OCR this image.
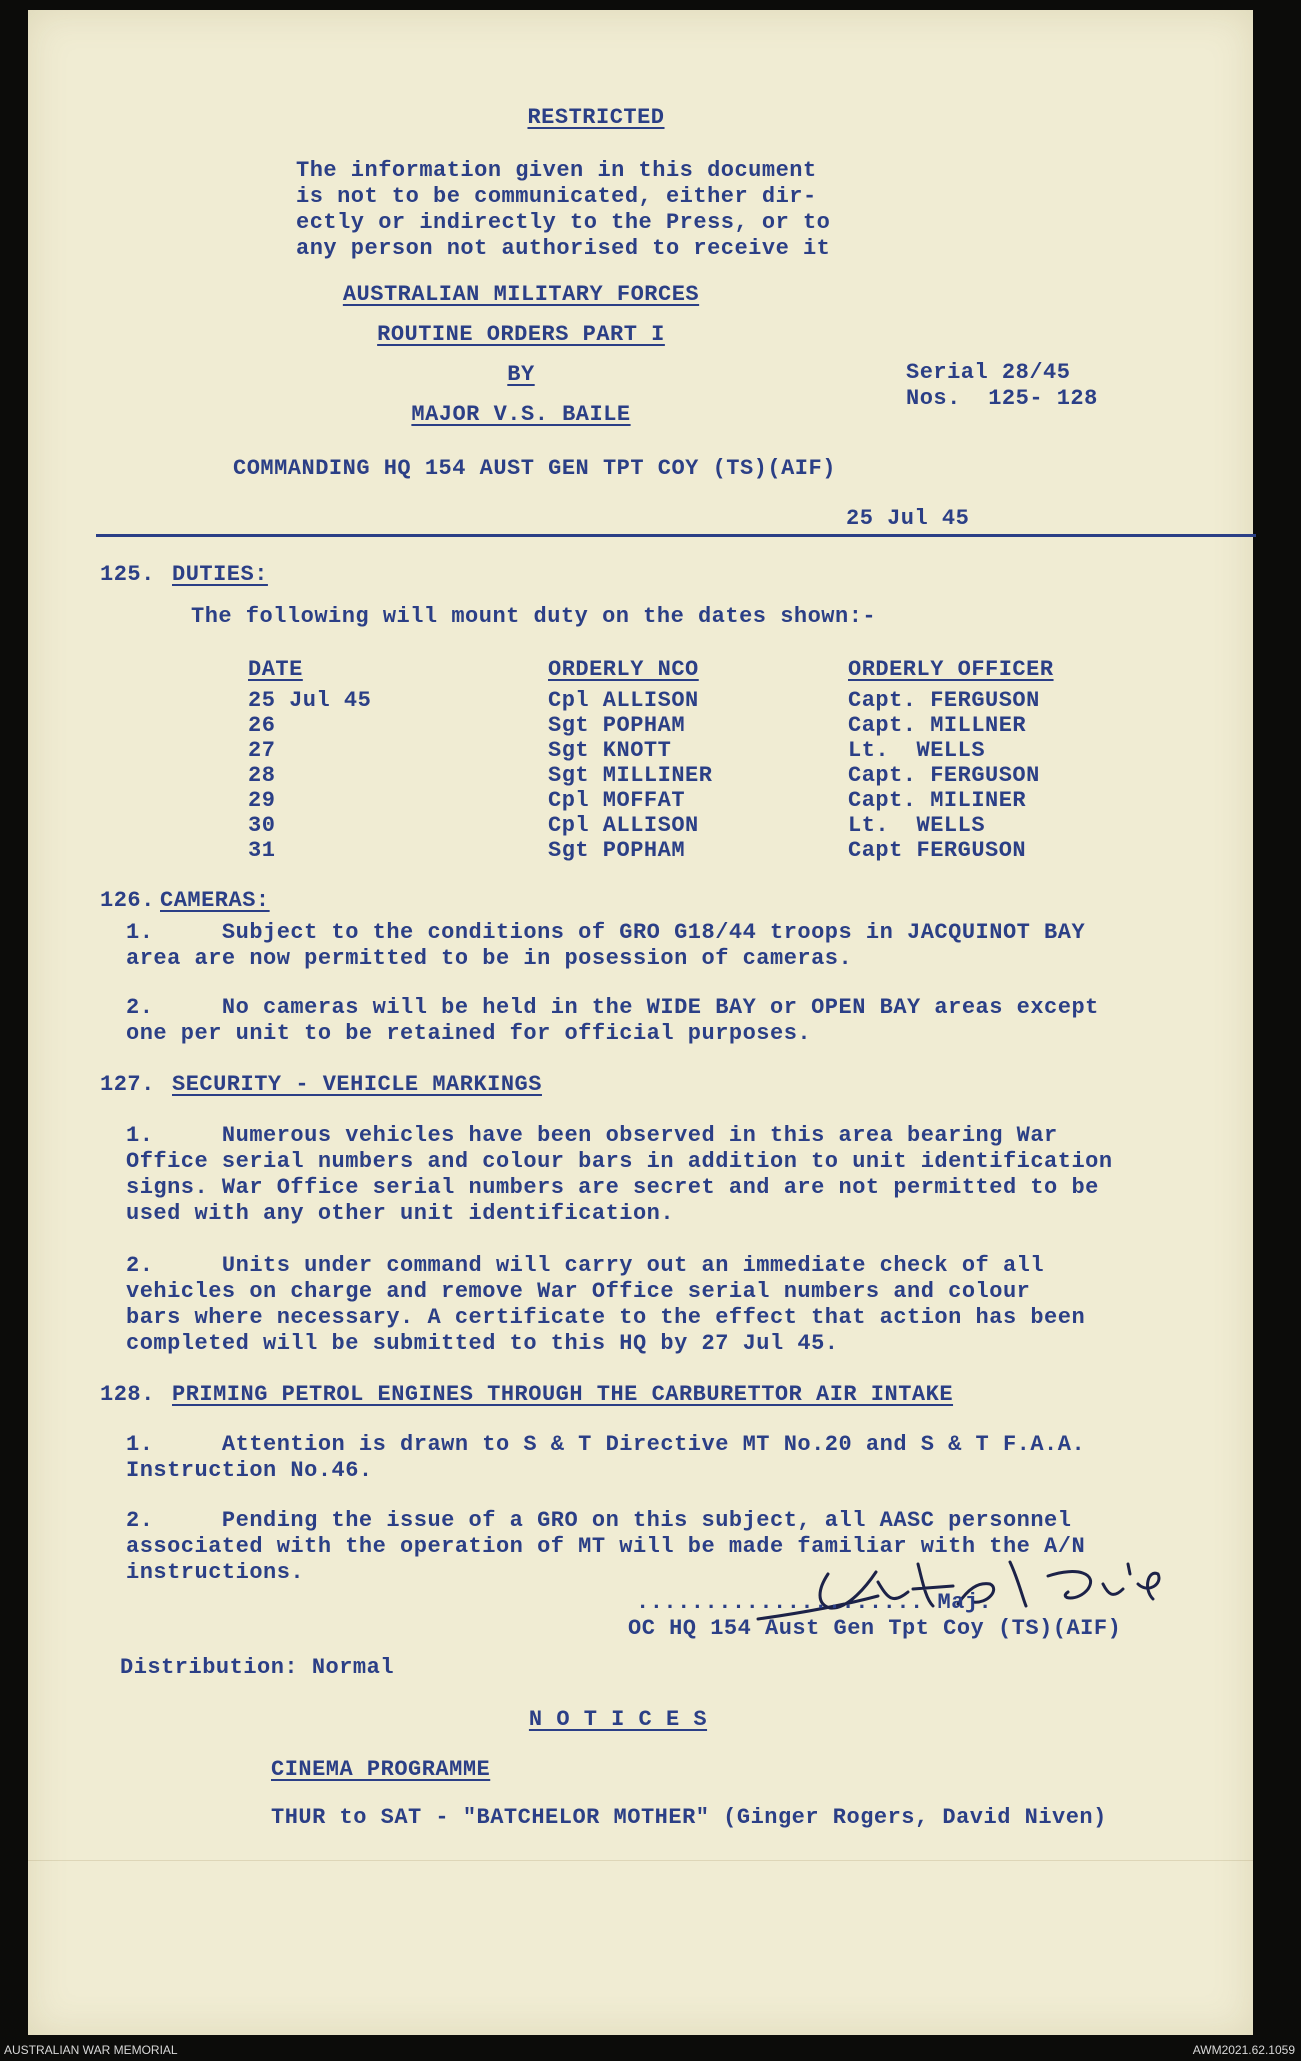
RESTRICTED
The information given in this document
is not to be communicated, either dir-
ectly or indirectly to the Press, or to
any person not authorised to receive it
AUSTRALIAN MILITARY FORCES
ROUTINE ORDERS PART I
BY	Serial 28/45
Nos.  125- 128
MAJOR V.S. BAILE
COMMANDING HQ 154 AUST GEN TPT COY (TS)(AIF)
25 Jul 45
125. DUTIES:
The following will mount duty on the dates shown:-
DATE	ORDERLY NCO	ORDERLY OFFICER
25 Jul 45	Cpl ALLISON	Capt. FERGUSON
26	Sgt POPHAM	Capt. MILLNER
27	Sgt KNOTT	Lt.  WELLS
28	Sgt MILLINER	Capt. FERGUSON
29	Cpl MOFFAT	Capt. MILINER
30	Cpl ALLISON	Lt.  WELLS
31	Sgt POPHAM	Capt FERGUSON
126. CAMERAS:
1.     Subject to the conditions of GRO G18/44 troops in JACQUINOT BAY
area are now permitted to be in posession of cameras.
2.     No cameras will be held in the WIDE BAY or OPEN BAY areas except
one per unit to be retained for official purposes.
127. SECURITY - VEHICLE MARKINGS
1.     Numerous vehicles have been observed in this area bearing War
Office serial numbers and colour bars in addition to unit identification
signs. War Office serial numbers are secret and are not permitted to be
used with any other unit identification.
2.     Units under command will carry out an immediate check of all
vehicles on charge and remove War Office serial numbers and colour
bars where necessary. A certificate to the effect that action has been
completed will be submitted to this HQ by 27 Jul 45.
128. PRIMING PETROL ENGINES THROUGH THE CARBURETTOR AIR INTAKE
1.     Attention is drawn to S & T Directive MT No.20 and S & T F.A.A.
Instruction No.46.
2.     Pending the issue of a GRO on this subject, all AASC personnel
associated with the operation of MT will be made familiar with the A/N
instructions.
..................... Maj.
OC HQ 154 Aust Gen Tpt Coy (TS)(AIF)
Distribution: Normal
N O T I C E S
CINEMA PROGRAMME
THUR to SAT - "BATCHELOR MOTHER" (Ginger Rogers, David Niven)
AUSTRALIAN WAR MEMORIAL	AWM2021.62.1059
